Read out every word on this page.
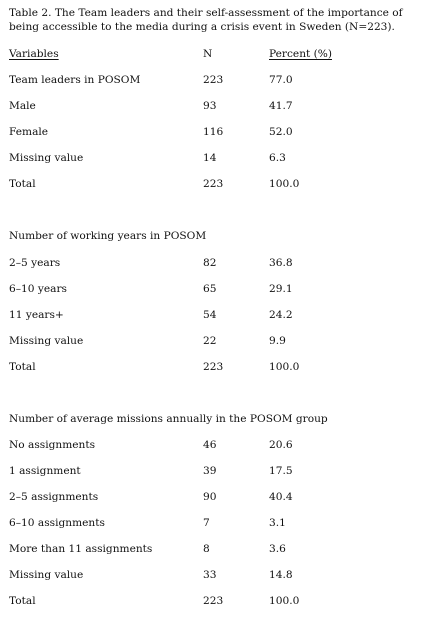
Table 2. The Team leaders and their self-assessment of the importance of being accessible to the media during a crisis event in Sweden (N=223).
Variables	N	Percent (%)
Team leaders in POSOM	223	77.0
Male	93	41.7
Female	116	52.0
Missing value	14	6.3
Total	223	100.0
Number of working years in POSOM
2–5 years	82	36.8
6–10 years	65	29.1
11 years+	54	24.2
Missing value	22	9.9
Total	223	100.0
Number of average missions annually in the POSOM group
No assignments	46	20.6
1 assignment	39	17.5
2–5 assignments	90	40.4
6–10 assignments	7	3.1
More than 11 assignments	8	3.6
Missing value	33	14.8
Total	223	100.0
